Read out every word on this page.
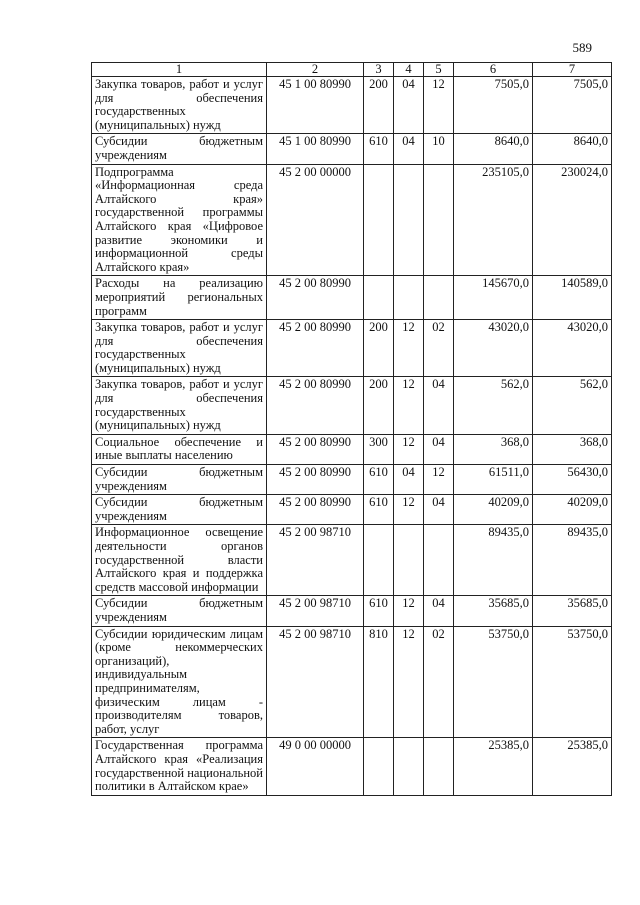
589
1	2	3	4	5	6	7
Закупка товаров, работ и услуг для обеспечения государственных (муниципальных) нужд	45 1 00 80990	200	04	12	7505,0	7505,0
Субсидии бюджетным учреждениям	45 1 00 80990	610	04	10	8640,0	8640,0
Подпрограмма «Информационная среда Алтайского края» государственной программы Алтайского края «Цифровое развитие экономики и информационной среды Алтайского края»	45 2 00 00000				235105,0	230024,0
Расходы на реализацию мероприятий региональных программ	45 2 00 80990				145670,0	140589,0
Закупка товаров, работ и услуг для обеспечения государственных (муниципальных) нужд	45 2 00 80990	200	12	02	43020,0	43020,0
Закупка товаров, работ и услуг для обеспечения государственных (муниципальных) нужд	45 2 00 80990	200	12	04	562,0	562,0
Социальное обеспечение и иные выплаты населению	45 2 00 80990	300	12	04	368,0	368,0
Субсидии бюджетным учреждениям	45 2 00 80990	610	04	12	61511,0	56430,0
Субсидии бюджетным учреждениям	45 2 00 80990	610	12	04	40209,0	40209,0
Информационное освещение деятельности органов государственной власти Алтайского края и поддержка средств массовой информации	45 2 00 98710				89435,0	89435,0
Субсидии бюджетным учреждениям	45 2 00 98710	610	12	04	35685,0	35685,0
Субсидии юридическим лицам (кроме некоммерческих организаций), индивидуальным предпринимателям, физическим лицам - производителям товаров, работ, услуг	45 2 00 98710	810	12	02	53750,0	53750,0
Государственная программа Алтайского края «Реализация государственной национальной политики в Алтайском крае»	49 0 00 00000				25385,0	25385,0
